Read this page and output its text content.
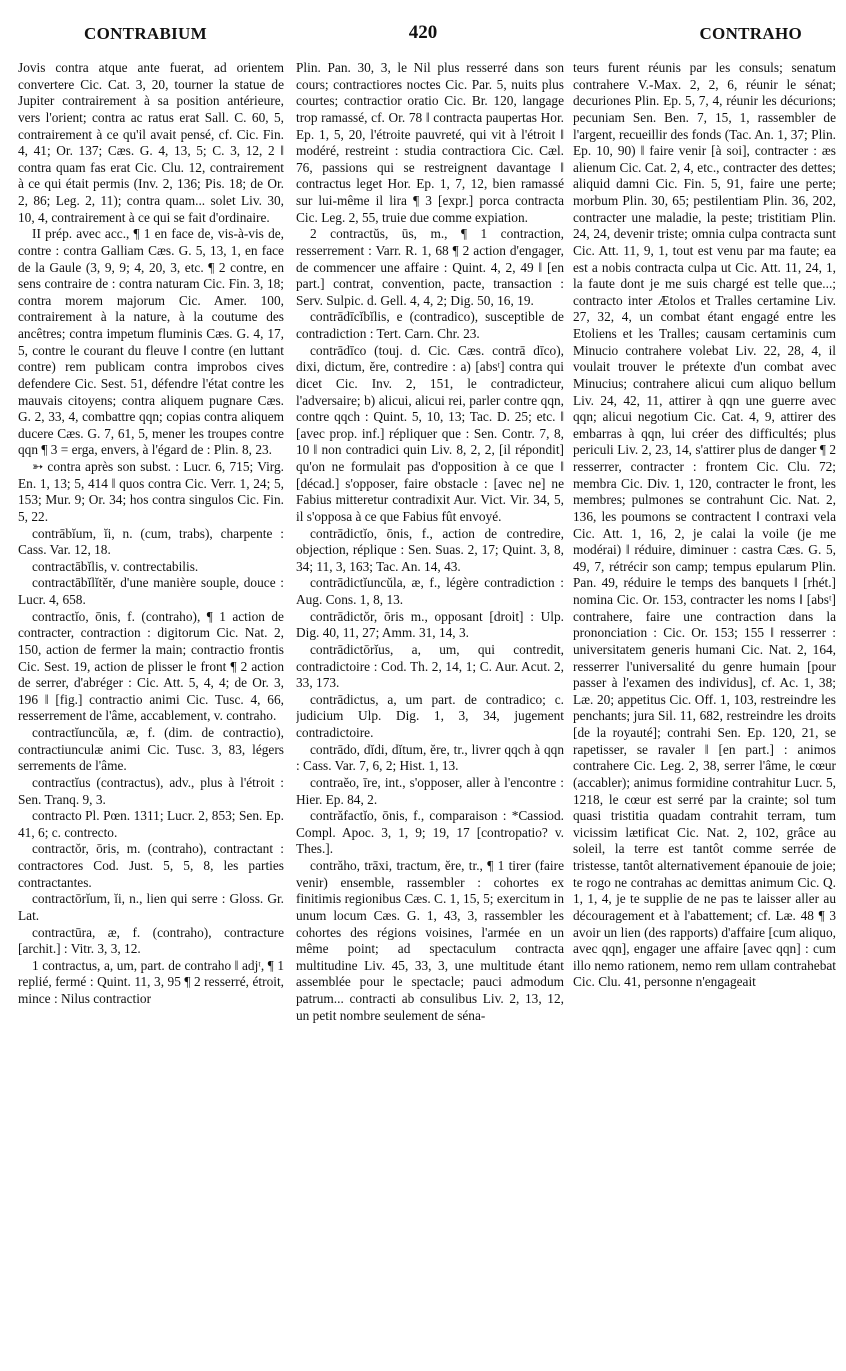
CONTRABIUM	420	CONTRAHO

Jovis contra atque ante fuerat, ad orientem convertere Cic. Cat. 3, 20, tourner la statue de Jupiter contrairement à sa position antérieure, vers l'orient; contra ac ratus erat Sall. C. 60, 5, contrairement à ce qu'il avait pensé, cf. Cic. Fin. 4, 41; Or. 137; Cæs. G. 4, 13, 5; C. 3, 12, 2 ‖ contra quam fas erat Cic. Clu. 12, contrairement à ce qui était permis (Inv. 2, 136; Pis. 18; de Or. 2, 86; Leg. 2, 11); contra quam... solet Liv. 30, 10, 4, contrairement à ce qui se fait d'ordinaire.

II prép. avec acc., ¶ 1 en face de, vis-à-vis de, contre : contra Galliam Cæs. G. 5, 13, 1, en face de la Gaule (3, 9, 9; 4, 20, 3, etc. ¶ 2 contre, en sens contraire de : contra naturam Cic. Fin. 3, 18; contra morem majorum Cic. Amer. 100, contrairement à la nature, à la coutume des ancêtres; contra impetum fluminis Cæs. G. 4, 17, 5, contre le courant du fleuve ‖ contre (en luttant contre) rem publicam contra improbos cives defendere Cic. Sest. 51, défendre l'état contre les mauvais citoyens; contra aliquem pugnare Cæs. G. 2, 33, 4, combattre qqn; copias contra aliquem ducere Cæs. G. 7, 61, 5, mener les troupes contre qqn ¶ 3 = erga, envers, à l'égard de : Plin. 8, 23.

➳ contra après son subst. : Lucr. 6, 715; Virg. En. 1, 13; 5, 414 ‖ quos contra Cic. Verr. 1, 24; 5, 153; Mur. 9; Or. 34; hos contra singulos Cic. Fin. 5, 22.

contrābĭum, ĭi, n. (cum, trabs), charpente : Cass. Var. 12, 18.

contractābĭlis, v. contrectabilis.

contractābĭlĭtĕr, d'une manière souple, douce : Lucr. 4, 658.

contractĭo, ōnis, f. (contraho), ¶ 1 action de contracter, contraction : digitorum Cic. Nat. 2, 150, action de fermer la main; contractio frontis Cic. Sest. 19, action de plisser le front ¶ 2 action de serrer, d'abréger : Cic. Att. 5, 4, 4; de Or. 3, 196 ‖ [fig.] contractio animi Cic. Tusc. 4, 66, resserrement de l'âme, accablement, v. contraho.

contractĭuncŭla, æ, f. (dim. de contractio), contractiunculæ animi Cic. Tusc. 3, 83, légers serrements de l'âme.

contractĭus (contractus), adv., plus à l'étroit : Sen. Tranq. 9, 3.

contracto Pl. Pœn. 1311; Lucr. 2, 853; Sen. Ep. 41, 6; c. contrecto.

contractŏr, ōris, m. (contraho), contractant : contractores Cod. Just. 5, 5, 8, les parties contractantes.

contractōrĭum, ĭi, n., lien qui serre : Gloss. Gr. Lat.

contractūra, æ, f. (contraho), contracture [archit.] : Vitr. 3, 3, 12.

1 contractus, a, um, part. de contraho ‖ adjᵗ, ¶ 1 replié, fermé : Quint. 11, 3, 95 ¶ 2 resserré, étroit, mince : Nilus contractior

Plin. Pan. 30, 3, le Nil plus resserré dans son cours; contractiores noctes Cic. Par. 5, nuits plus courtes; contractior oratio Cic. Br. 120, langage trop ramassé, cf. Or. 78 ‖ contracta paupertas Hor. Ep. 1, 5, 20, l'étroite pauvreté, qui vit à l'étroit ‖ modéré, restreint : studia contractiora Cic. Cæl. 76, passions qui se restreignent davantage ‖ contractus leget Hor. Ep. 1, 7, 12, bien ramassé sur lui-même il lira ¶ 3 [expr.] porca contracta Cic. Leg. 2, 55, truie due comme expiation.

2 contractŭs, ūs, m., ¶ 1 contraction, resserrement : Varr. R. 1, 68 ¶ 2 action d'engager, de commencer une affaire : Quint. 4, 2, 49 ‖ [en part.] contrat, convention, pacte, transaction : Serv. Sulpic. d. Gell. 4, 4, 2; Dig. 50, 16, 19.

contrādīcĭbĭlis, e (contradico), susceptible de contradiction : Tert. Carn. Chr. 23.

contrādīco (touj. d. Cic. Cæs. contrā dīco), dixi, dictum, ĕre, contredire : a) [absᵗ] contra qui dicet Cic. Inv. 2, 151, le contradicteur, l'adversaire; b) alicui, alicui rei, parler contre qqn, contre qqch : Quint. 5, 10, 13; Tac. D. 25; etc. ‖ [avec prop. inf.] répliquer que : Sen. Contr. 7, 8, 10 ‖ non contradici quin Liv. 8, 2, 2, [il répondit] qu'on ne formulait pas d'opposition à ce que ‖ [décad.] s'opposer, faire obstacle : [avec ne] ne Fabius mitteretur contradixit Aur. Vict. Vir. 34, 5, il s'opposa à ce que Fabius fût envoyé.

contrādictĭo, ōnis, f., action de contredire, objection, réplique : Sen. Suas. 2, 17; Quint. 3, 8, 34; 11, 3, 163; Tac. An. 14, 43.

contrādictĭuncŭla, æ, f., légère contradiction : Aug. Cons. 1, 8, 13.

contrādictŏr, ōris m., opposant [droit] : Ulp. Dig. 40, 11, 27; Amm. 31, 14, 3.

contrādictōrĭus, a, um, qui contredit, contradictoire : Cod. Th. 2, 14, 1; C. Aur. Acut. 2, 33, 173.

contrādictus, a, um part. de contradico; c. judicium Ulp. Dig. 1, 3, 34, jugement contradictoire.

contrādo, dĭdi, dĭtum, ĕre, tr., livrer qqch à qqn : Cass. Var. 7, 6, 2; Hist. 1, 13.

contraĕo, īre, int., s'opposer, aller à l'encontre : Hier. Ep. 84, 2.

contrăfactĭo, ōnis, f., comparaison : *Cassiod. Compl. Apoc. 3, 1, 9; 19, 17 [contropatio? v. Thes.].

contrăho, trāxi, tractum, ĕre, tr., ¶ 1 tirer (faire venir) ensemble, rassembler : cohortes ex finitimis regionibus Cæs. C. 1, 15, 5; exercitum in unum locum Cæs. G. 1, 43, 3, rassembler les cohortes des régions voisines, l'armée en un même point; ad spectaculum contracta multitudine Liv. 45, 33, 3, une multitude étant assemblée pour le spectacle; pauci admodum patrum... contracti ab consulibus Liv. 2, 13, 12, un petit nombre seulement de séna-

teurs furent réunis par les consuls; senatum contrahere V.-Max. 2, 2, 6, réunir le sénat; decuriones Plin. Ep. 5, 7, 4, réunir les décurions; pecuniam Sen. Ben. 7, 15, 1, rassembler de l'argent, recueillir des fonds (Tac. An. 1, 37; Plin. Ep. 10, 90) ‖ faire venir [à soi], contracter : æs alienum Cic. Cat. 2, 4, etc., contracter des dettes; aliquid damni Cic. Fin. 5, 91, faire une perte; morbum Plin. 30, 65; pestilentiam Plin. 36, 202, contracter une maladie, la peste; tristitiam Plin. 24, 24, devenir triste; omnia culpa contracta sunt Cic. Att. 11, 9, 1, tout est venu par ma faute; ea est a nobis contracta culpa ut Cic. Att. 11, 24, 1, la faute dont je me suis chargé est telle que...; contracto inter Ætolos et Tralles certamine Liv. 27, 32, 4, un combat étant engagé entre les Etoliens et les Tralles; causam certaminis cum Minucio contrahere volebat Liv. 22, 28, 4, il voulait trouver le prétexte d'un combat avec Minucius; contrahere alicui cum aliquo bellum Liv. 24, 42, 11, attirer à qqn une guerre avec qqn; alicui negotium Cic. Cat. 4, 9, attirer des embarras à qqn, lui créer des difficultés; plus periculi Liv. 2, 23, 14, s'attirer plus de danger ¶ 2 resserrer, contracter : frontem Cic. Clu. 72; membra Cic. Div. 1, 120, contracter le front, les membres; pulmones se contrahunt Cic. Nat. 2, 136, les poumons se contractent ‖ contraxi vela Cic. Att. 1, 16, 2, je calai la voile (je me modérai) ‖ réduire, diminuer : castra Cæs. G. 5, 49, 7, rétrécir son camp; tempus epularum Plin. Pan. 49, réduire le temps des banquets ‖ [rhét.] nomina Cic. Or. 153, contracter les noms ‖ [absᵗ] contrahere, faire une contraction dans la prononciation : Cic. Or. 153; 155 ‖ resserrer : universitatem generis humani Cic. Nat. 2, 164, resserrer l'universalité du genre humain [pour passer à l'examen des individus], cf. Ac. 1, 38; Læ. 20; appetitus Cic. Off. 1, 103, restreindre les penchants; jura Sil. 11, 682, restreindre les droits [de la royauté]; contrahi Sen. Ep. 120, 21, se rapetisser, se ravaler ‖ [en part.] : animos contrahere Cic. Leg. 2, 38, serrer l'âme, le cœur (accabler); animus formidine contrahitur Lucr. 5, 1218, le cœur est serré par la crainte; sol tum quasi tristitia quadam contrahit terram, tum vicissim lætificat Cic. Nat. 2, 102, grâce au soleil, la terre est tantôt comme serrée de tristesse, tantôt alternativement épanouie de joie; te rogo ne contrahas ac demittas animum Cic. Q. 1, 1, 4, je te supplie de ne pas te laisser aller au découragement et à l'abattement; cf. Læ. 48 ¶ 3 avoir un lien (des rapports) d'affaire [cum aliquo, avec qqn], engager une affaire [avec qqn] : cum illo nemo rationem, nemo rem ullam contrahebat Cic. Clu. 41, personne n'engageait
